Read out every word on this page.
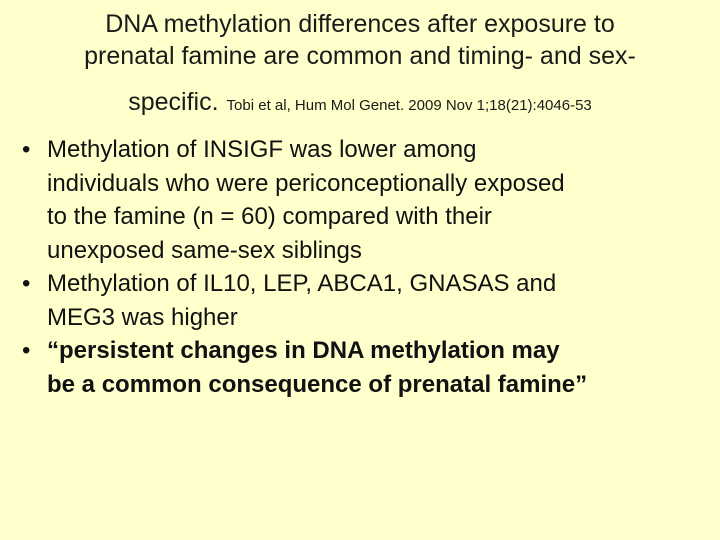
DNA methylation differences after exposure to
prenatal famine are common and timing- and sex-
specific. Tobi et al, Hum Mol Genet. 2009 Nov 1;18(21):4046-53
• Methylation of INSIGF was lower among
individuals who were periconceptionally exposed
to the famine (n = 60) compared with their
unexposed same-sex siblings
• Methylation of IL10, LEP, ABCA1, GNASAS and
MEG3 was higher
• “persistent changes in DNA methylation may
be a common consequence of prenatal famine”
